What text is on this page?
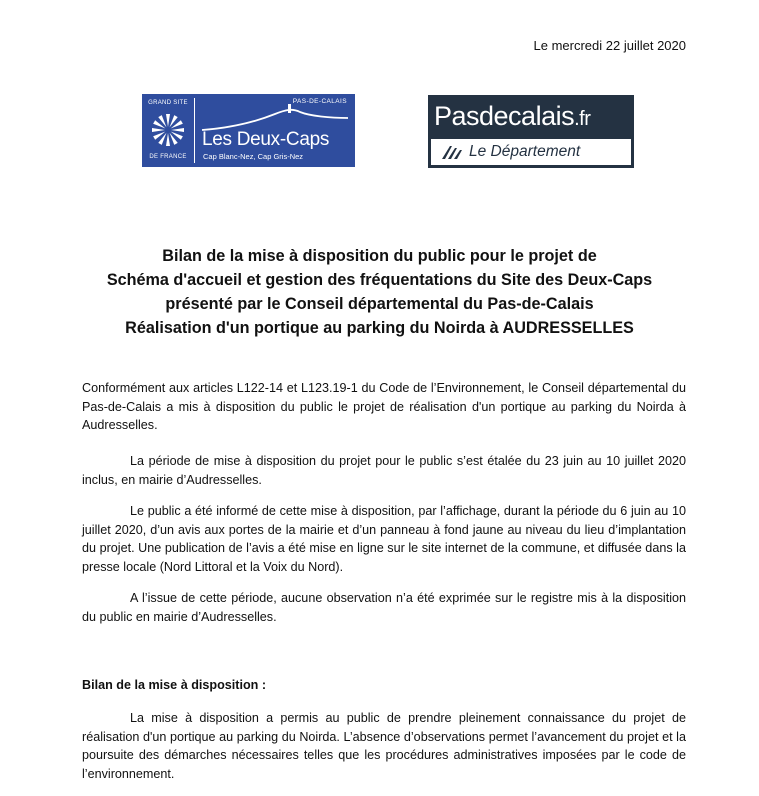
Le mercredi 22 juillet 2020
GRAND SITE
DE FRANCE
PAS-DE-CALAIS
Les Deux-Caps
Cap Blanc-Nez, Cap Gris-Nez
Pasdecalais.fr
Le Département
Bilan de la mise à disposition du public pour le projet de
Schéma d'accueil et gestion des fréquentations du Site des Deux-Caps
présenté par le Conseil départemental du Pas-de-Calais
Réalisation d'un portique au parking du Noirda à AUDRESSELLES
Conformément aux articles L122-14 et L123.19-1 du Code de l’Environnement, le Conseil départemental du Pas-de-Calais a mis à disposition du public le projet de réalisation d'un portique au parking du Noirda à Audresselles.
La période de mise à disposition du projet pour le public s’est étalée du 23 juin au 10 juillet 2020 inclus, en mairie d’Audresselles.
Le public a été informé de cette mise à disposition, par l’affichage, durant la période du 6 juin au 10 juillet 2020, d’un avis aux portes de la mairie et d’un panneau à fond jaune au niveau du lieu d’implantation du projet. Une publication de l’avis a été mise en ligne sur le site internet de la commune, et diffusée dans la presse locale (Nord Littoral et la Voix du Nord).
A l’issue de cette période, aucune observation n’a été exprimée sur le registre mis à la disposition du public en mairie d’Audresselles.
Bilan de la mise à disposition :
La mise à disposition a permis au public de prendre pleinement connaissance du projet de réalisation d'un portique au parking du Noirda. L’absence d’observations permet l’avancement du projet et la poursuite des démarches nécessaires telles que les procédures administratives imposées par le code de l’environnement.
